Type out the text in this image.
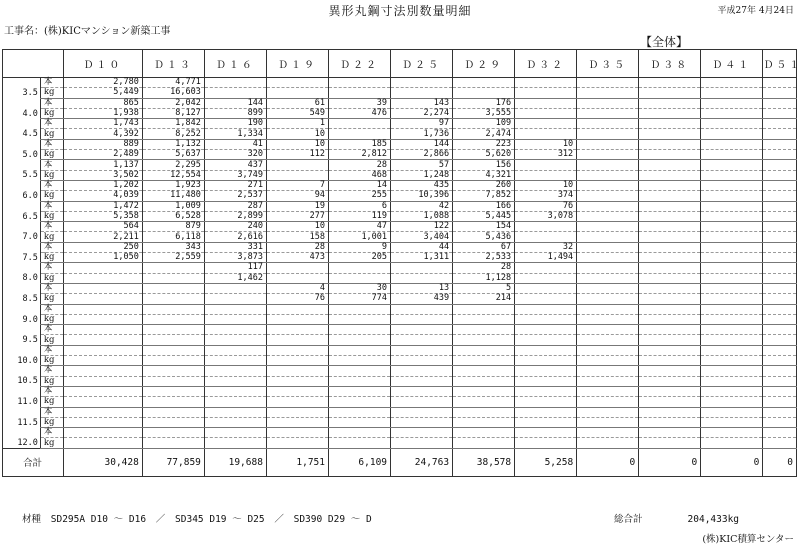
異形丸鋼寸法別数量明細	平成27年 4月24日
工事名：(株)KICマンション新築工事
【全体】
		Ｄ１０	Ｄ１３	Ｄ１６	Ｄ１９	Ｄ２２	Ｄ２５	Ｄ２９	Ｄ３２	Ｄ３５	Ｄ３８	Ｄ４１	Ｄ５１
3.5	本	2,780	4,771										
	kg	5,449	16,603										
4.0	本	865	2,042	144	61	39	143	176					
	kg	1,938	8,127	899	549	476	2,274	3,555					
4.5	本	1,743	1,842	190	1		97	109					
	kg	4,392	8,252	1,334	10		1,736	2,474					
5.0	本	889	1,132	41	10	185	144	223	10				
	kg	2,489	5,637	320	112	2,812	2,866	5,620	312				
5.5	本	1,137	2,295	437		28	57	156					
	kg	3,502	12,554	3,749		468	1,248	4,321					
6.0	本	1,202	1,923	271	7	14	435	260	10				
	kg	4,039	11,480	2,537	94	255	10,396	7,852	374				
6.5	本	1,472	1,009	287	19	6	42	166	76				
	kg	5,358	6,528	2,899	277	119	1,088	5,445	3,078				
7.0	本	564	879	240	10	47	122	154					
	kg	2,211	6,118	2,616	158	1,001	3,404	5,436					
7.5	本	250	343	331	28	9	44	67	32				
	kg	1,050	2,559	3,873	473	205	1,311	2,533	1,494				
8.0	本			117				28					
	kg			1,462				1,128					
8.5	本				4	30	13	5					
	kg				76	774	439	214					
9.0	本												
	kg												
9.5	本												
	kg												
10.0	本												
	kg												
10.5	本												
	kg												
11.0	本												
	kg												
11.5	本												
	kg												
12.0	本												
	kg												
合計		30,428	77,859	19,688	1,751	6,109	24,763	38,578	5,258	0	0	0	0
材種 SD295A D10 〜 D16 ／ SD345 D19 〜 D25 ／ SD390 D29 〜 D	総合計	204,433kg
(株)KIC積算センター
